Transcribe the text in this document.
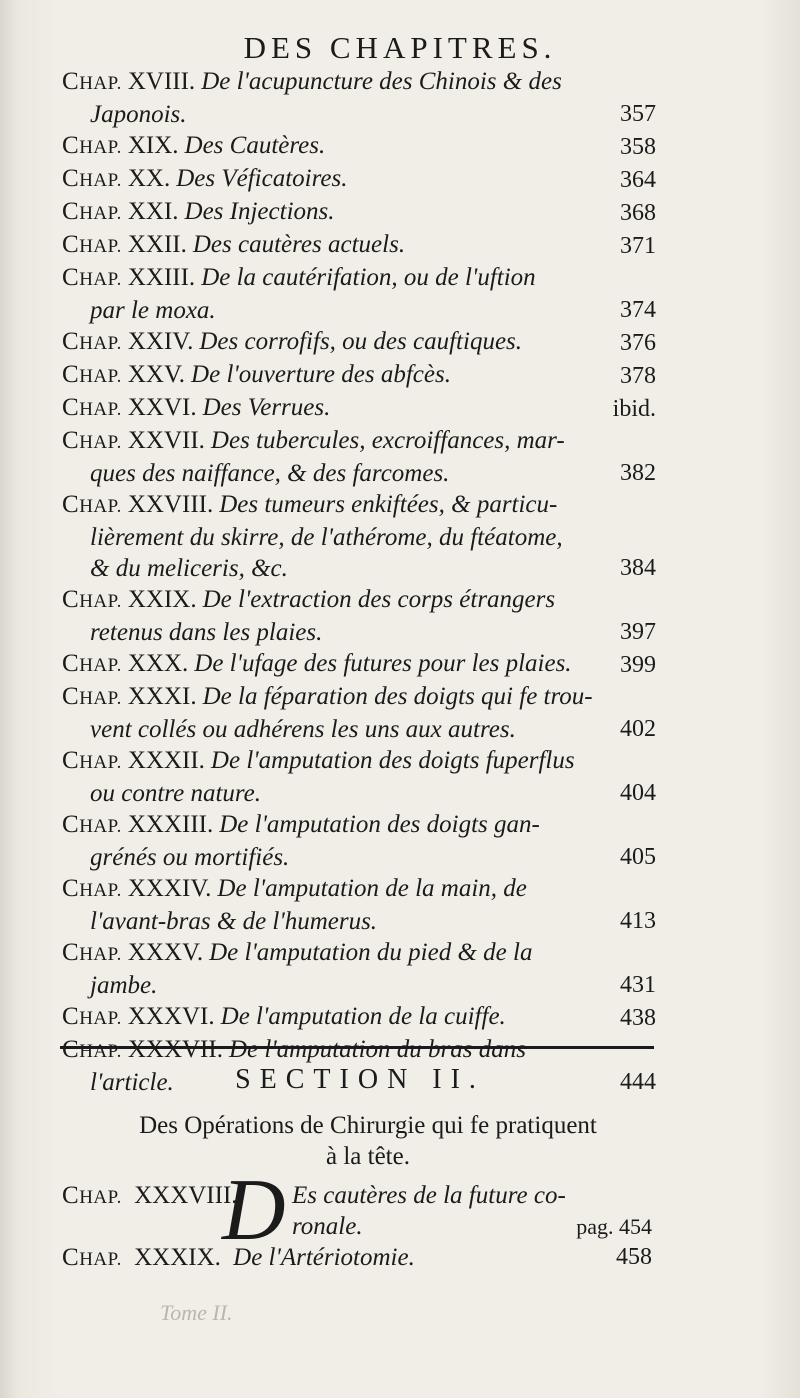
DES CHAPITRES.
CHAP. XVIII. De l'acupuncture des Chinois & des
Japonois.	357
CHAP. XIX. Des Cautères.	358
CHAP. XX. Des Véficatoires.	364
CHAP. XXI. Des Injections.	368
CHAP. XXII. Des cautères actuels.	371
CHAP. XXIII. De la cautérifation, ou de l'uftion
par le moxa.	374
CHAP. XXIV. Des corrofifs, ou des cauftiques.	376
CHAP. XXV. De l'ouverture des abfcès.	378
CHAP. XXVI. Des Verrues.	ibid.
CHAP. XXVII. Des tubercules, excroiffances, mar-
ques des naiffance, & des farcomes.	382
CHAP. XXVIII. Des tumeurs enkiftées, & particu-
lièrement du skirre, de l'athérome, du ftéatome,
& du meliceris, &c.	384
CHAP. XXIX. De l'extraction des corps étrangers
retenus dans les plaies.	397
CHAP. XXX. De l'ufage des futures pour les plaies.	399
CHAP. XXXI. De la féparation des doigts qui fe trou-
vent collés ou adhérens les uns aux autres.	402
CHAP. XXXII. De l'amputation des doigts fuperflus
ou contre nature.	404
CHAP. XXXIII. De l'amputation des doigts gan-
grénés ou mortifiés.	405
CHAP. XXXIV. De l'amputation de la main, de
l'avant-bras & de l'humerus.	413
CHAP. XXXV. De l'amputation du pied & de la
jambe.	431
CHAP. XXXVI. De l'amputation de la cuiffe.	438
CHAP. XXXVII. De l'amputation du bras dans
l'article.	444
SECTION II.
Des Opérations de Chirurgie qui fe pratiquent
à la tête.
CHAP. XXXVIII.
D Es cautères de la future co-
ronale.	pag. 454
CHAP. XXXIX. De l'Artériotomie.	458
Tome II.
